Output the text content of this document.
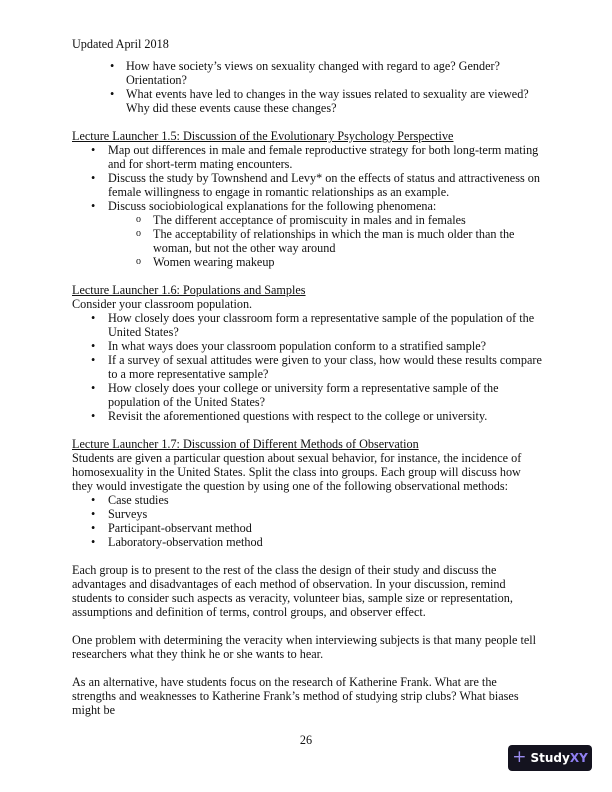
Updated April 2018
• How have society’s views on sexuality changed with regard to age? Gender? Orientation?
• What events have led to changes in the way issues related to sexuality are viewed? Why did these events cause these changes?
Lecture Launcher 1.5: Discussion of the Evolutionary Psychology Perspective
• Map out differences in male and female reproductive strategy for both long-term mating and for short-term mating encounters.
• Discuss the study by Townshend and Levy* on the effects of status and attractiveness on female willingness to engage in romantic relationships as an example.
• Discuss sociobiological explanations for the following phenomena:
o The different acceptance of promiscuity in males and in females
o The acceptability of relationships in which the man is much older than the woman, but not the other way around
o Women wearing makeup
Lecture Launcher 1.6: Populations and Samples

Consider your classroom population.

• How closely does your classroom form a representative sample of the population of the United States?
• In what ways does your classroom population conform to a stratified sample?
• If a survey of sexual attitudes were given to your class, how would these results compare to a more representative sample?
• How closely does your college or university form a representative sample of the population of the United States?
• Revisit the aforementioned questions with respect to the college or university.
Lecture Launcher 1.7: Discussion of Different Methods of Observation

Students are given a particular question about sexual behavior, for instance, the incidence of homosexuality in the United States. Split the class into groups. Each group will discuss how they would investigate the question by using one of the following observational methods:

• Case studies
• Surveys
• Participant-observant method
• Laboratory-observation method

Each group is to present to the rest of the class the design of their study and discuss the advantages and disadvantages of each method of observation. In your discussion, remind students to consider such aspects as veracity, volunteer bias, sample size or representation, assumptions and definition of terms, control groups, and observer effect.

One problem with determining the veracity when interviewing subjects is that many people tell researchers what they think he or she wants to hear.

As an alternative, have students focus on the research of Katherine Frank. What are the strengths and weaknesses to Katherine Frank’s method of studying strip clubs? What biases might be

26
+ StudyXY
